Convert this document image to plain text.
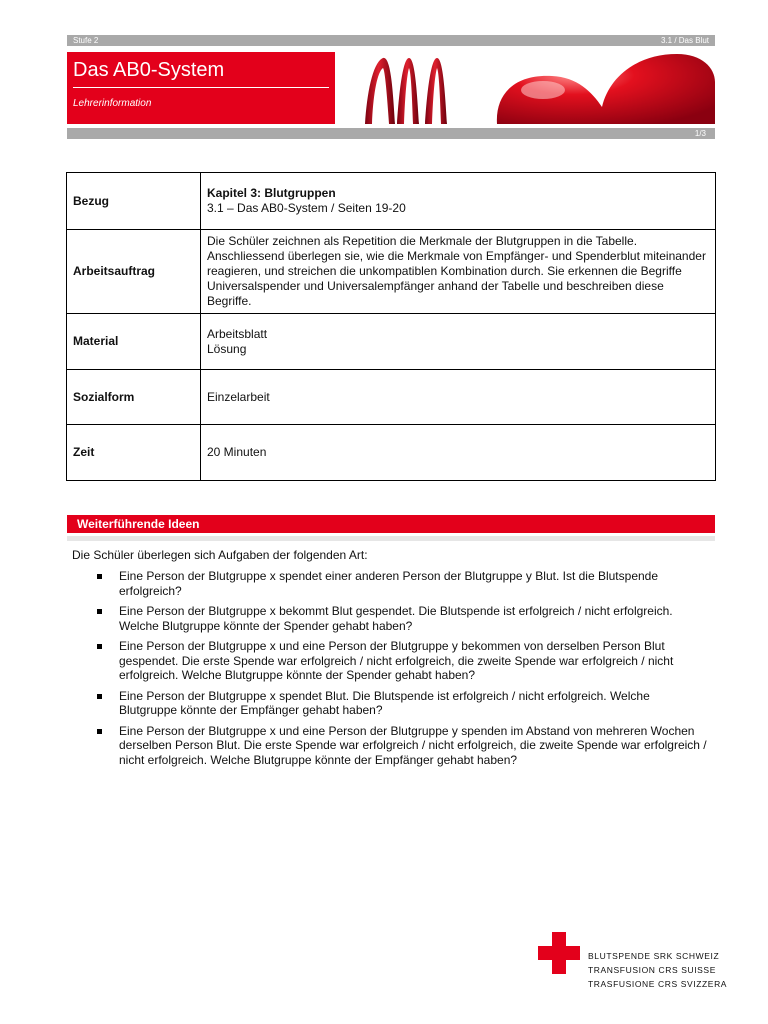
Stufe 2	3.1 / Das Blut
Das AB0-System
Lehrerinformation
1/3
Bezug	Kapitel 3: Blutgruppen
3.1 – Das AB0-System / Seiten 19-20

Arbeitsauftrag	Die Schüler zeichnen als Repetition die Merkmale der Blutgruppen in die Tabelle. Anschliessend überlegen sie, wie die Merkmale von Empfänger- und Spenderblut miteinander reagieren, und streichen die unkompatiblen Kombination durch. Sie erkennen die Begriffe Universalspender und Universalempfänger anhand der Tabelle und beschreiben diese Begriffe.
Material	Arbeitsblatt
Lösung

Sozialform	Einzelarbeit
Zeit	20 Minuten
Weiterführende Ideen
Die Schüler überlegen sich Aufgaben der folgenden Art:
Eine Person der Blutgruppe x spendet einer anderen Person der Blutgruppe y Blut. Ist die Blutspende erfolgreich?
Eine Person der Blutgruppe x bekommt Blut gespendet. Die Blutspende ist erfolgreich / nicht erfolgreich. Welche Blutgruppe könnte der Spender gehabt haben?
Eine Person der Blutgruppe x und eine Person der Blutgruppe y bekommen von derselben Person Blut gespendet. Die erste Spende war erfolgreich / nicht erfolgreich, die zweite Spende war erfolgreich / nicht erfolgreich. Welche Blutgruppe könnte der Spender gehabt haben?
Eine Person der Blutgruppe x spendet Blut. Die Blutspende ist erfolgreich / nicht erfolgreich. Welche Blutgruppe könnte der Empfänger gehabt haben?
Eine Person der Blutgruppe x und eine Person der Blutgruppe y spenden im Abstand von mehreren Wochen derselben Person Blut. Die erste Spende war erfolgreich / nicht erfolgreich, die zweite Spende war erfolgreich / nicht erfolgreich. Welche Blutgruppe könnte der Empfänger gehabt haben?
BLUTSPENDE SRK SCHWEIZ
TRANSFUSION CRS SUISSE
TRASFUSIONE CRS SVIZZERA
